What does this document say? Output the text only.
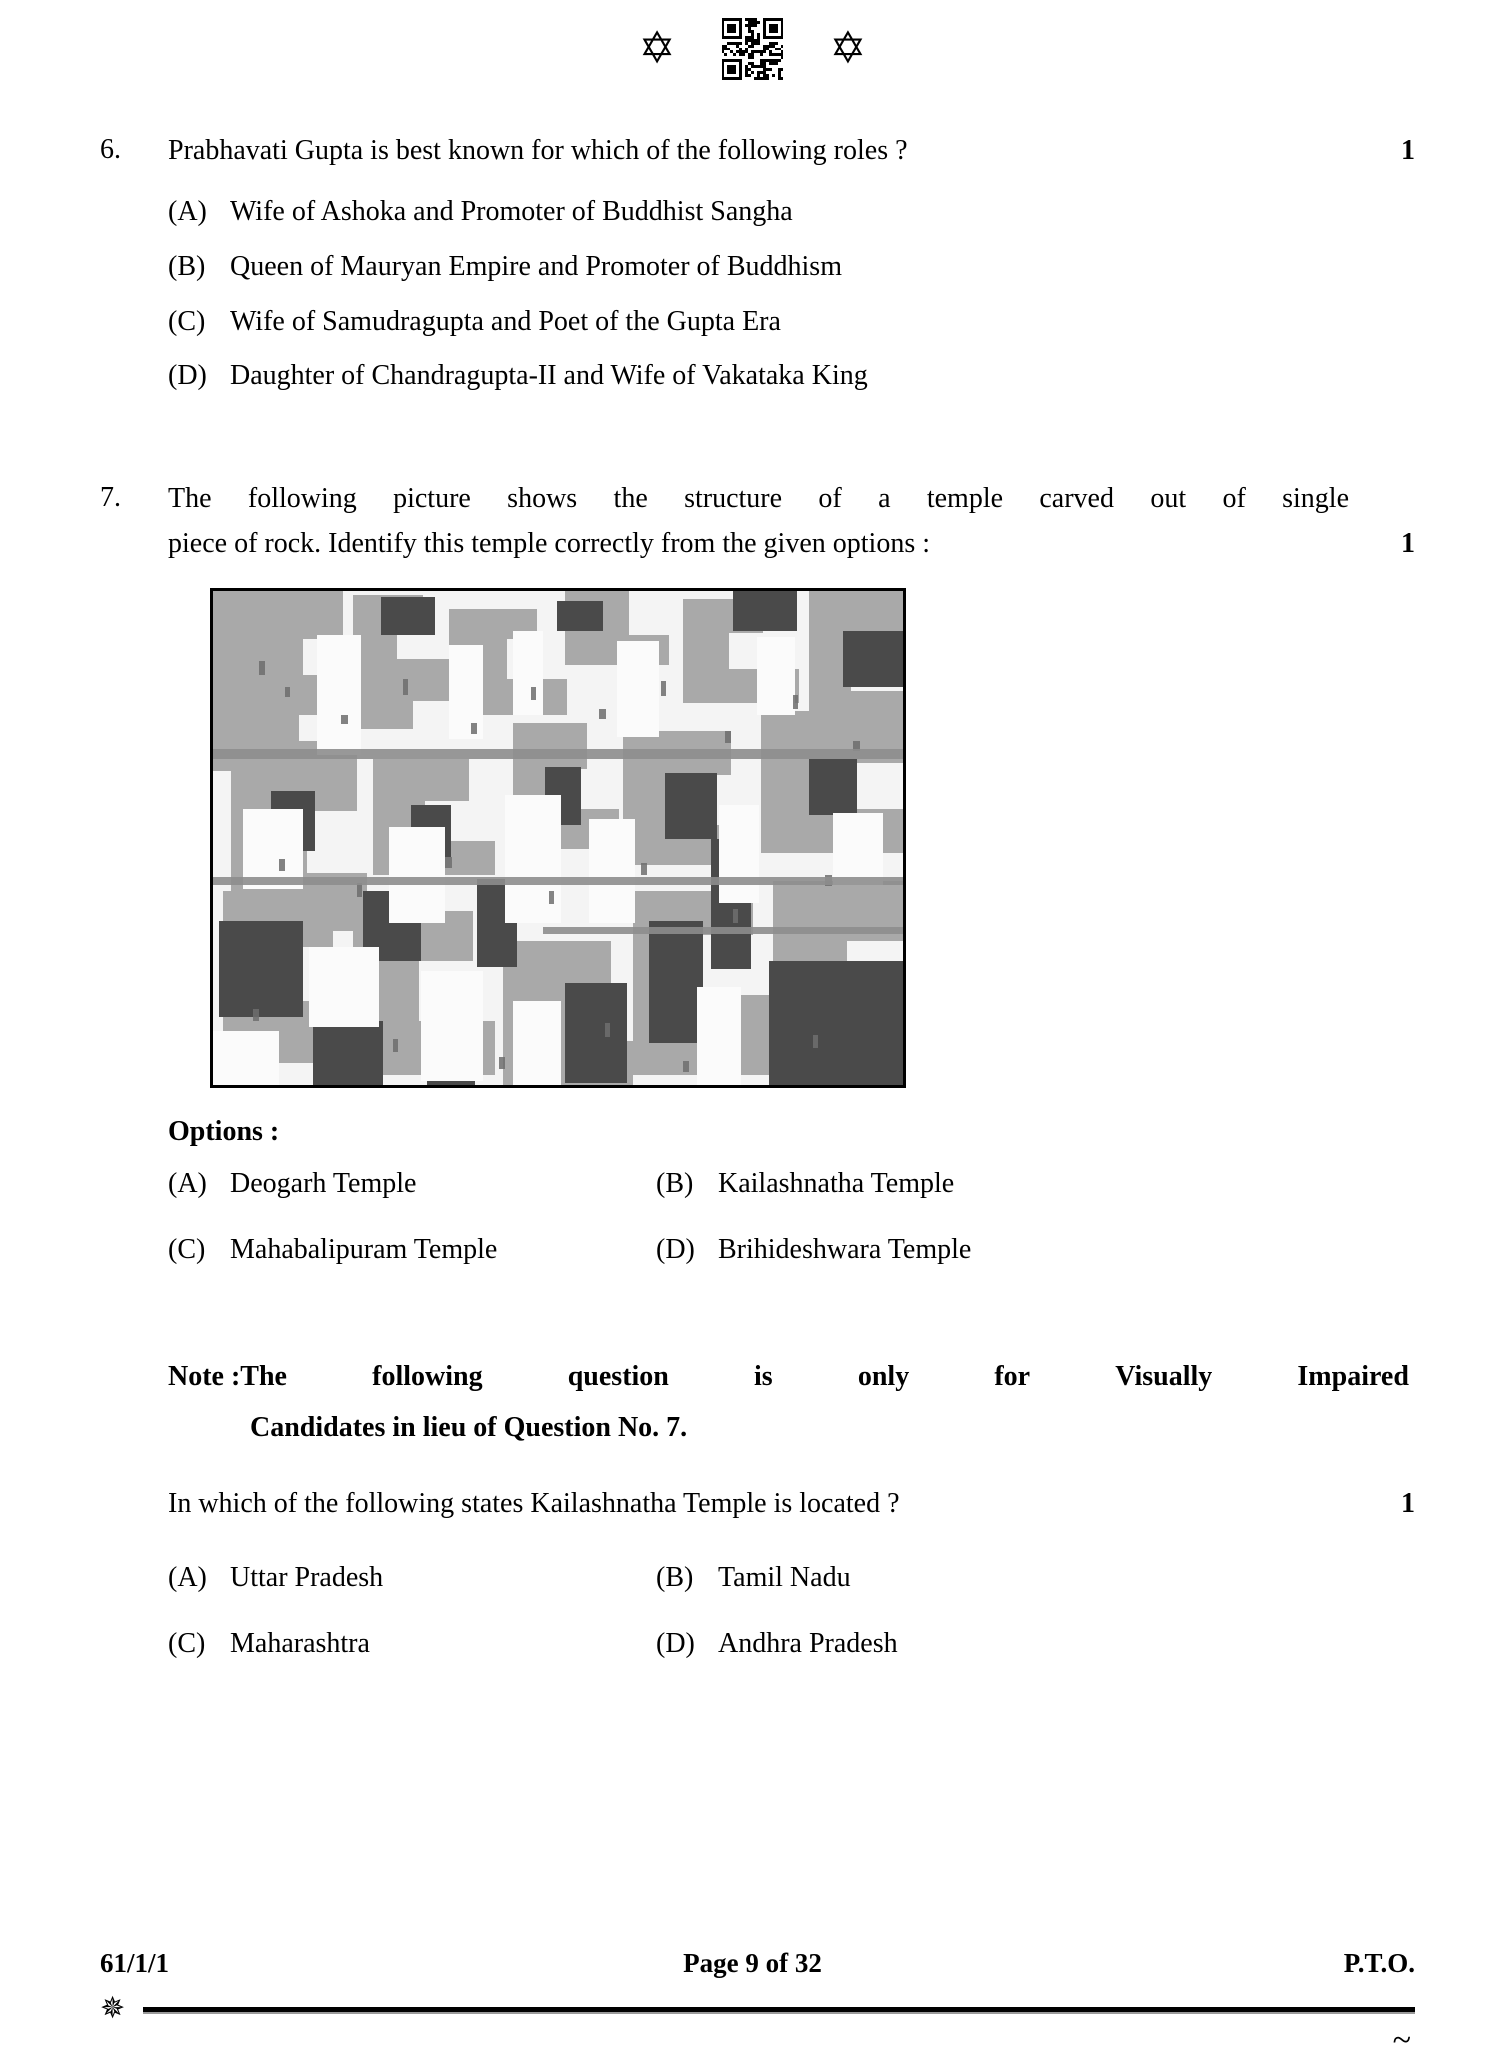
✡	✡
6.	Prabhavati Gupta is best known for which of the following roles ?	1
(A) Wife of Ashoka and Promoter of Buddhist Sangha
(B) Queen of Mauryan Empire and Promoter of Buddhism
(C) Wife of Samudragupta and Poet of the Gupta Era
(D) Daughter of Chandragupta-II and Wife of Vakataka King
7.	The following picture shows the structure of a temple carved out of single
piece of rock. Identify this temple correctly from the given options :	1
Options :
(A) Deogarh Temple	(B) Kailashnatha Temple
(C) Mahabalipuram Temple	(D) Brihideshwara Temple
Note : The	following	question	is	only	for	Visually	Impaired
Candidates in lieu of Question No. 7.
In which of the following states Kailashnatha Temple is located ?	1
(A) Uttar Pradesh	(B) Tamil Nadu
(C) Maharashtra	(D) Andhra Pradesh
61/1/1	Page 9 of 32	P.T.O.
✵
~
